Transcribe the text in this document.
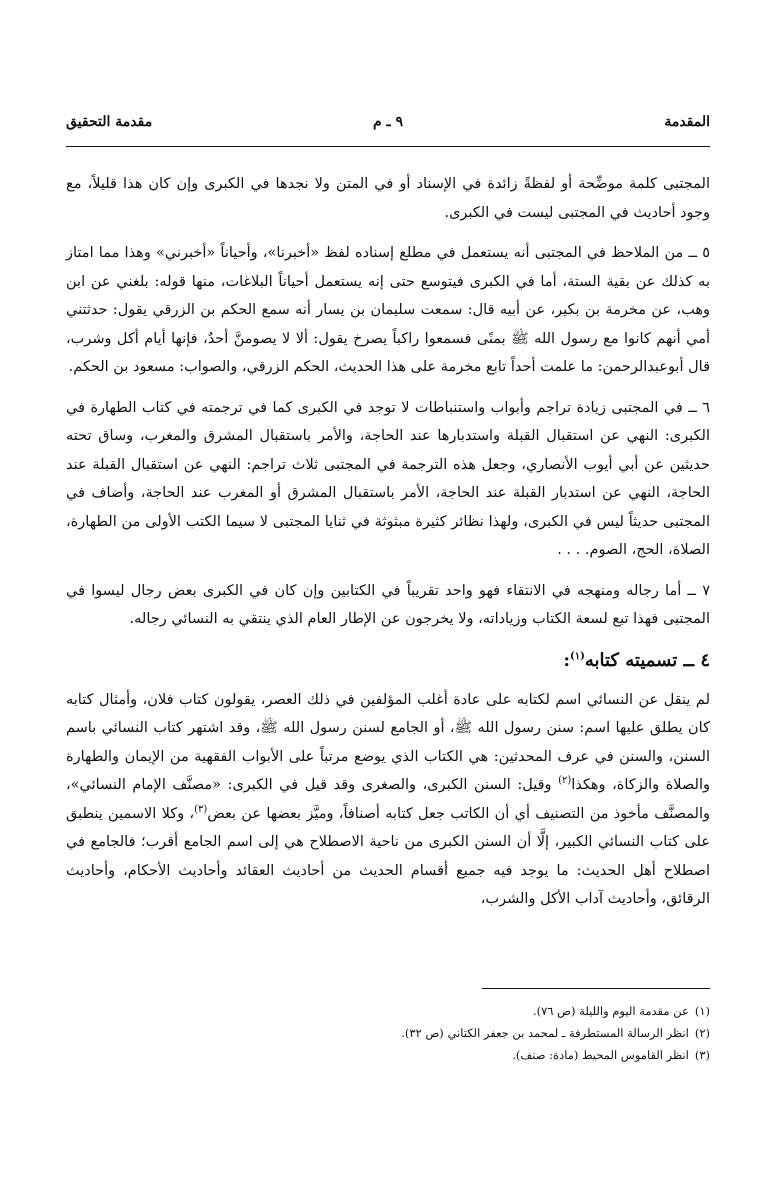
المقدمة
٩ ـ م
مقدمة التحقيق

المجتبى كلمة موضِّحة أو لفظةً زائدة في الإسناد أو في المتن ولا نجدها في الكبرى وإن كان هذا قليلاً، مع وجود أحاديث في المجتبى ليست في الكبرى.

٥ ــ من الملاحظ في المجتبى أنه يستعمل في مطلع إسناده لفظ «أخبرنا»، وأحياناً «أخبرني» وهذا مما امتاز به كذلك عن بقية الستة، أما في الكبرى فيتوسع حتى إنه يستعمل أحياناً البلاغات، منها قوله: بلغني عن ابن وهب، عن مخرمة بن بكير، عن أبيه قال: سمعت سليمان بن يسار أنه سمع الحكم بن الزرقي يقول: حدثتني أمي أنهم كانوا مع رسول الله ﷺ بمنًى فسمعوا راكباً يصرخ يقول: ألا لا يصومنَّ أحدٌ، فإنها أيام أكل وشرب، قال أبوعبدالرحمن: ما علمت أحداً تابع مخرمة على هذا الحديث، الحكم الزرقي، والصواب: مسعود بن الحكم.

٦ ــ في المجتبى زيادة تراجم وأبواب واستنباطات لا توجد في الكبرى كما في ترجمته في كتاب الطهارة في الكبرى: النهي عن استقبال القبلة واستدبارها عند الحاجة، والأمر باستقبال المشرق والمغرب، وساق تحته حديثين عن أبي أيوب الأنصاري، وجعل هذه الترجمة في المجتبى ثلاث تراجم: النهي عن استقبال القبلة عند الحاجة، النهي عن استدبار القبلة عند الحاجة، الأمر باستقبال المشرق أو المغرب عند الحاجة، وأضاف في المجتبى حديثاً ليس في الكبرى، ولهذا نظائر كثيرة مبثوثة في ثنايا المجتبى لا سيما الكتب الأولى من الطهارة، الصلاة، الحج، الصوم. . . .

٧ ــ أما رجاله ومنهجه في الانتقاء فهو واحد تقريباً في الكتابين وإن كان في الكبرى بعض رجال ليسوا في المجتبى فهذا تبع لسعة الكتاب وزياداته، ولا يخرجون عن الإطار العام الذي ينتقي به النسائي رجاله.

٤ ــ تسميته كتابه$^{(١)}$:

لم ينقل عن النسائي اسم لكتابه على عادة أغلب المؤلفين في ذلك العصر، يقولون كتاب فلان، وأمثال كتابه كان يطلق عليها اسم: سنن رسول الله ﷺ، أو الجامع لسنن رسول الله ﷺ، وقد اشتهر كتاب النسائي باسم السنن، والسنن في عرف المحدثين: هي الكتاب الذي يوضع مرتباً على الأبواب الفقهية من الإيمان والطهارة والصلاة والزكاة، وهكذا$^{(٢)}$ وقيل: السنن الكبرى، والصغرى وقد قيل في الكبرى: «مصنَّف الإمام النسائي»، والمصنَّف مأخوذ من التصنيف أي أن الكاتب جعل كتابه أصنافاً، وميَّز بعضها عن بعض$^{(٣)}$، وكلا الاسمين ينطبق على كتاب النسائي الكبير، إلَّا أن السنن الكبرى من ناحية الاصطلاح هي إلى اسم الجامع أقرب؛ فالجامع في اصطلاح أهل الحديث: ما يوجد فيه جميع أقسام الحديث من أحاديث العقائد وأحاديث الأحكام، وأحاديث الرقائق، وأحاديث آداب الأكل والشرب،

(١)عن مقدمة اليوم والليلة (ص ٧٦).

(٢)انظر الرسالة المستطرفة ـ لمحمد بن جعفر الكتاني (ص ٣٢).

(٣)انظر القاموس المحيط (مادة: صنف).
